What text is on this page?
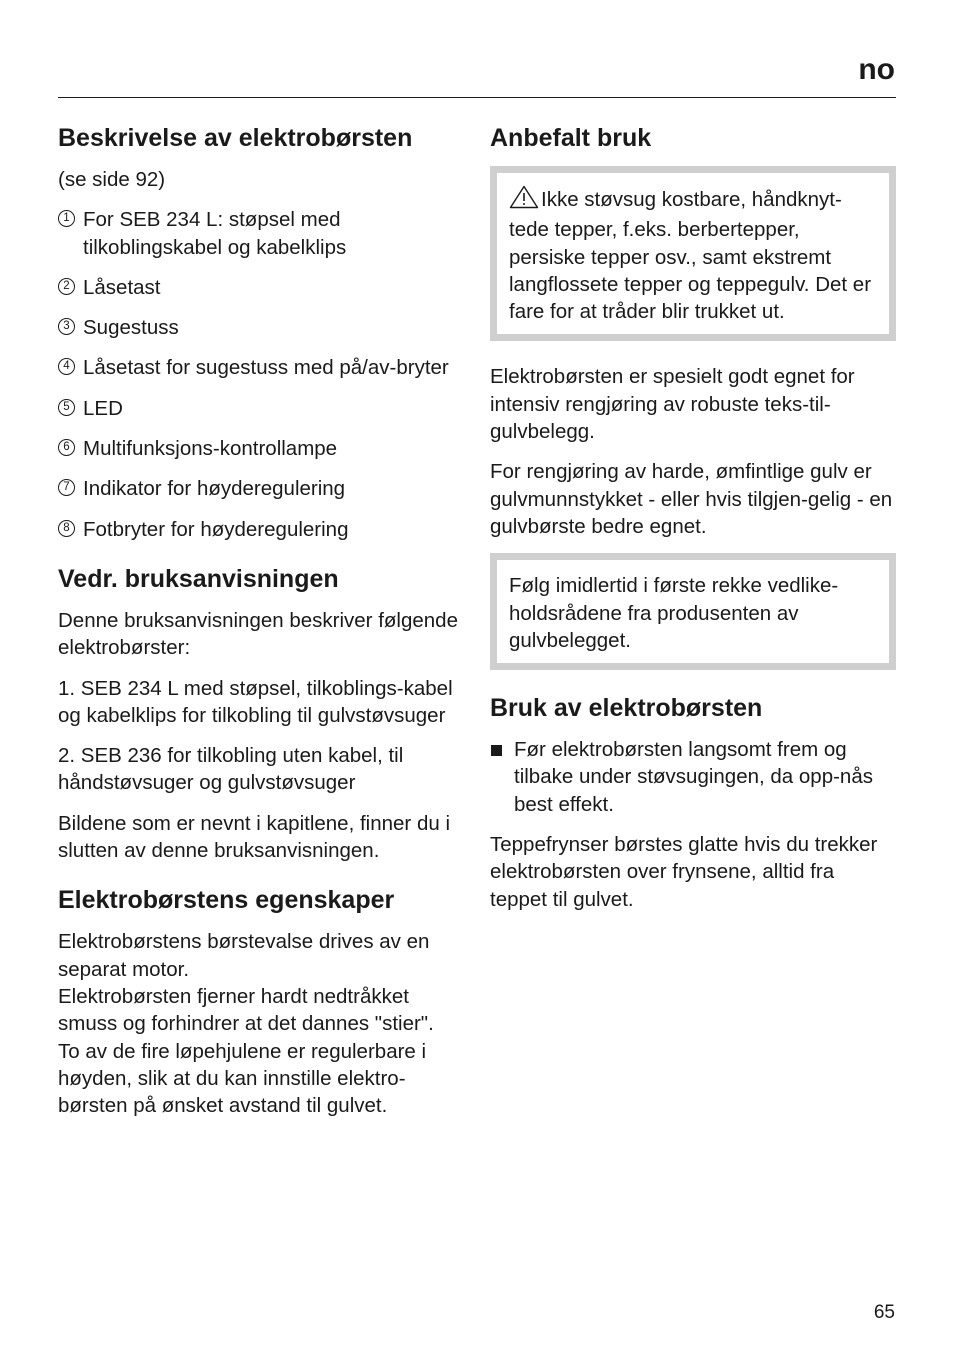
no
Beskrivelse av elektrobørsten

(se side 92)

1 For SEB 234 L: støpsel med tilkoblingskabel og kabelklips
2 Låsetast
3 Sugestuss
4 Låsetast for sugestuss med på/av-bryter
5 LED
6 Multifunksjons-kontrollampe
7 Indikator for høyderegulering
8 Fotbryter for høyderegulering
Vedr. bruksanvisningen

Denne bruksanvisningen beskriver følgende elektrobørster:

1. SEB 234 L med støpsel, tilkoblings-kabel og kabelklips for tilkobling til gulvstøvsuger

2. SEB 236 for tilkobling uten kabel, til håndstøvsuger og gulvstøvsuger

Bildene som er nevnt i kapitlene, finner du i slutten av denne bruksanvisningen.

Elektrobørstens egenskaper

Elektrobørstens børstevalse drives av en separat motor.

Elektrobørsten fjerner hardt nedtråkket smuss og forhindrer at det dannes "stier".

To av de fire løpehjulene er regulerbare i høyden, slik at du kan innstille elektro-børsten på ønsket avstand til gulvet.

Anbefalt bruk

Ikke støvsug kostbare, håndknyt-tede tepper, f.eks. berbertepper, persiske tepper osv., samt ekstremt langflossete tepper og teppegulv. Det er fare for at tråder blir trukket ut.

Elektrobørsten er spesielt godt egnet for intensiv rengjøring av robuste teks-til-gulvbelegg.

For rengjøring av harde, ømfintlige gulv er gulvmunnstykket - eller hvis tilgjen-gelig - en gulvbørste bedre egnet.

Følg imidlertid i første rekke vedlike-holdsrådene fra produsenten av gulvbelegget.

Bruk av elektrobørsten
Før elektrobørsten langsomt frem og tilbake under støvsugingen, da opp-nås best effekt.

Teppefrynser børstes glatte hvis du trekker elektrobørsten over frynsene, alltid fra teppet til gulvet.

65
